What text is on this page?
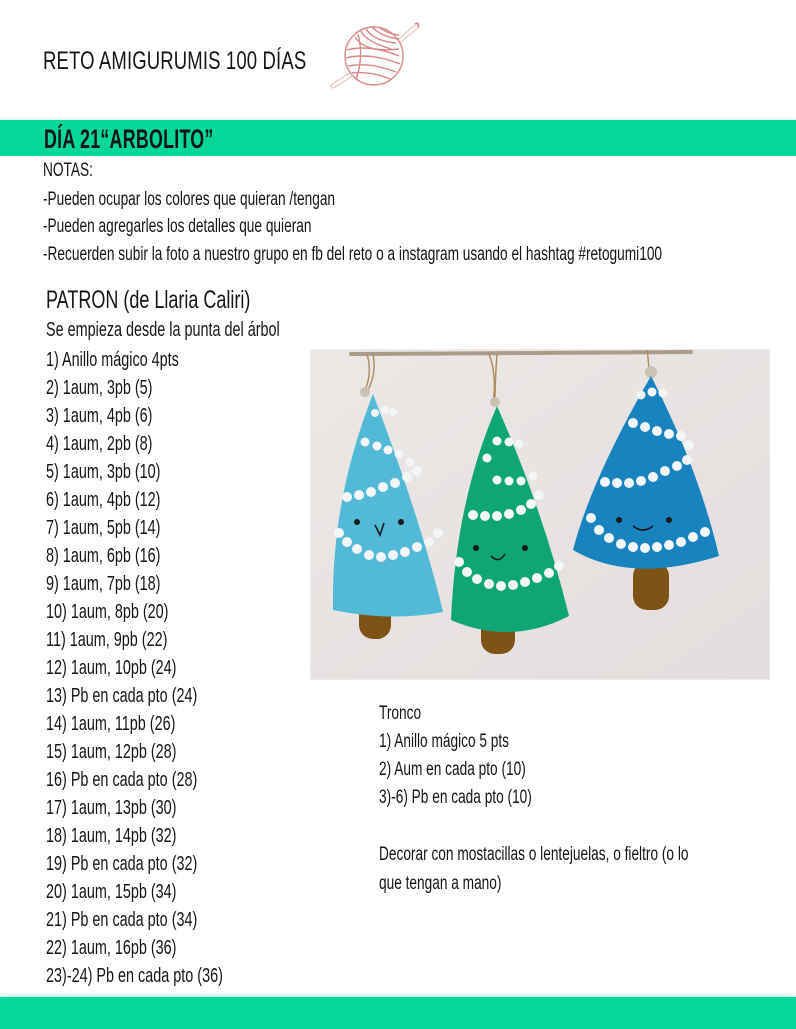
RETO AMIGURUMIS 100 DÍAS
DÍA 21“ARBOLITO”
NOTAS:
-Pueden ocupar los colores que quieran /tengan
-Pueden agregarles los detalles que quieran
-Recuerden subir la foto a nuestro grupo en fb del reto o a instagram usando el hashtag #retogumi100
PATRON (de Llaria Caliri)
Se empieza desde la punta del árbol
1) Anillo mágico 4pts
2) 1aum, 3pb (5)
3) 1aum, 4pb (6)
4) 1aum, 2pb (8)
5) 1aum, 3pb (10)
6) 1aum, 4pb (12)
7) 1aum, 5pb (14)
8) 1aum, 6pb (16)
9) 1aum, 7pb (18)
10) 1aum, 8pb (20)
11) 1aum, 9pb (22)
12) 1aum, 10pb (24)
13) Pb en cada pto (24)
14) 1aum, 11pb (26)
15) 1aum, 12pb (28)
16) Pb en cada pto (28)
17) 1aum, 13pb (30)
18) 1aum, 14pb (32)
19) Pb en cada pto (32)
20) 1aum, 15pb (34)
21) Pb en cada pto (34)
22) 1aum, 16pb (36)
23)-24) Pb en cada pto (36)
Tronco
1) Anillo mágico 5 pts
2) Aum en cada pto (10)
3)-6) Pb en cada pto (10)
Decorar con mostacillas o lentejuelas, o fieltro (o lo
que tengan a mano)
